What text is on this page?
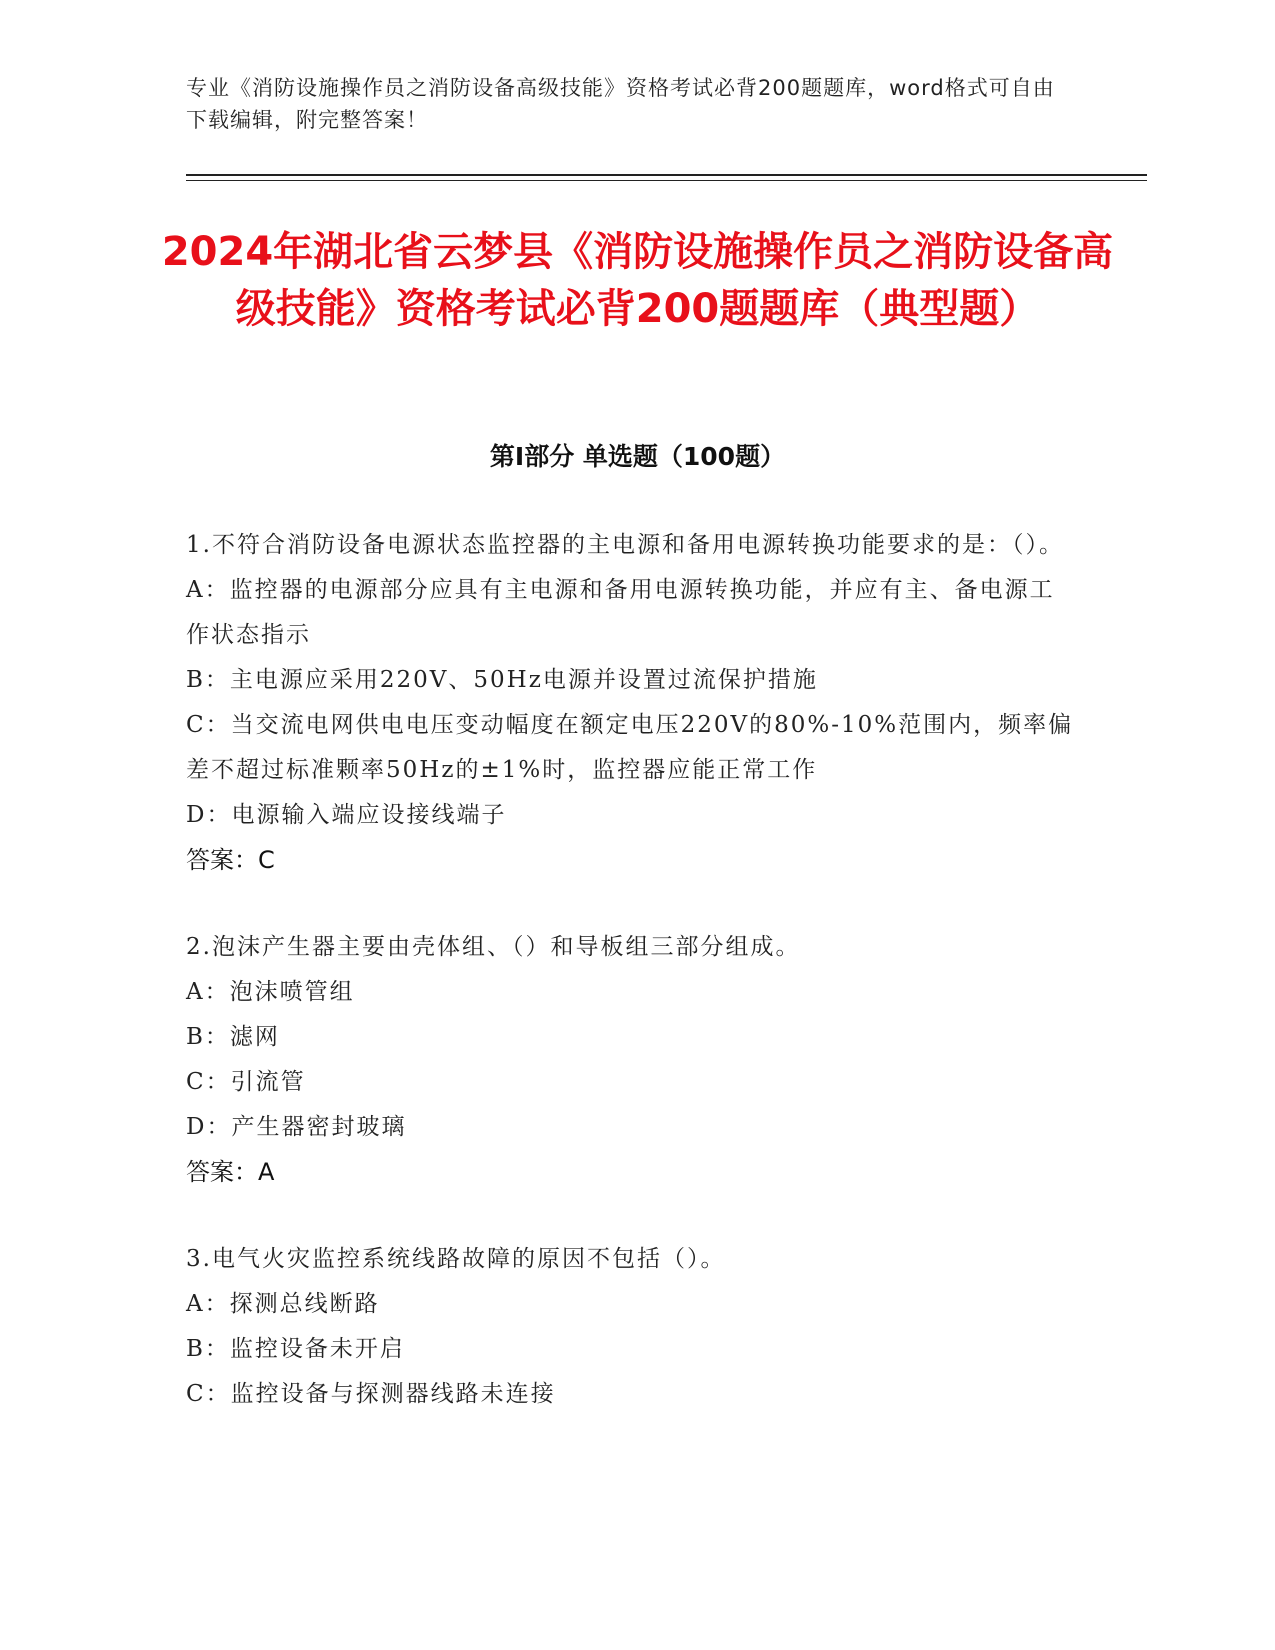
专业《消防设施操作员之消防设备高级技能》资格考试必背200题题库，word格式可自由下载编辑，附完整答案！
2024年湖北省云梦县《消防设施操作员之消防设备高级技能》资格考试必背200题题库（典型题）
第Ⅰ部分 单选题（100题）
1.不符合消防设备电源状态监控器的主电源和备用电源转换功能要求的是：（）。
A：监控器的电源部分应具有主电源和备用电源转换功能，并应有主、备电源工作状态指示
B：主电源应采用220V、50Hz电源并设置过流保护措施
C：当交流电网供电电压变动幅度在额定电压220V的80%-10%范围内，频率偏差不超过标准颗率50Hz的±1%时，监控器应能正常工作
D：电源输入端应设接线端子
答案：C
2.泡沫产生器主要由壳体组、（）和导板组三部分组成。
A：泡沫喷管组
B：滤网
C：引流管
D：产生器密封玻璃
答案：A
3.电气火灾监控系统线路故障的原因不包括（）。
A：探测总线断路
B：监控设备未开启
C：监控设备与探测器线路未连接
